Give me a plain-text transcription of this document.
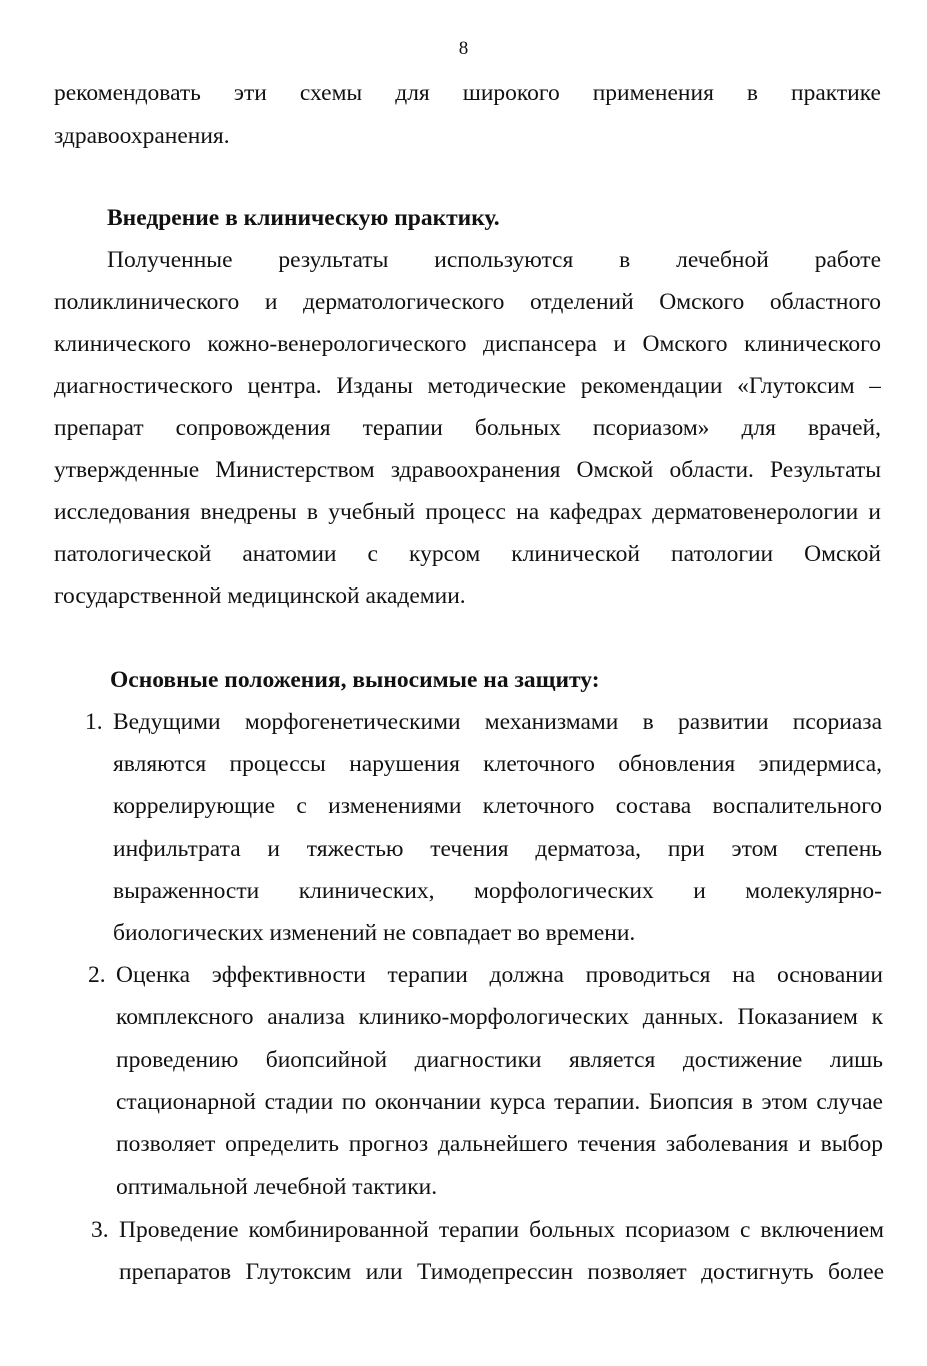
8
рекомендовать эти схемы для широкого применения в практике
здравоохранения.
Внедрение в клиническую практику.
Полученные результаты используются в лечебной работе
поликлинического и дерматологического отделений Омского областного
клинического кожно-венерологического диспансера и Омского клинического
диагностического центра. Изданы методические рекомендации «Глутоксим –
препарат сопровождения терапии больных псориазом» для врачей,
утвержденные Министерством здравоохранения Омской области. Результаты
исследования внедрены в учебный процесс на кафедрах дерматовенерологии и
патологической анатомии с курсом клинической патологии Омской
государственной медицинской академии.
Основные положения, выносимые на защиту:
1. Ведущими морфогенетическими механизмами в развитии псориаза
являются процессы нарушения клеточного обновления эпидермиса,
коррелирующие с изменениями клеточного состава воспалительного
инфильтрата и тяжестью течения дерматоза, при этом степень
выраженности клинических, морфологических и молекулярно-
биологических изменений не совпадает во времени.
2. Оценка эффективности терапии должна проводиться на основании
комплексного анализа клинико-морфологических данных. Показанием к
проведению биопсийной диагностики является достижение лишь
стационарной стадии по окончании курса терапии. Биопсия в этом случае
позволяет определить прогноз дальнейшего течения заболевания и выбор
оптимальной лечебной тактики.
3. Проведение комбинированной терапии больных псориазом с включением
препаратов Глутоксим или Тимодепрессин позволяет достигнуть более
